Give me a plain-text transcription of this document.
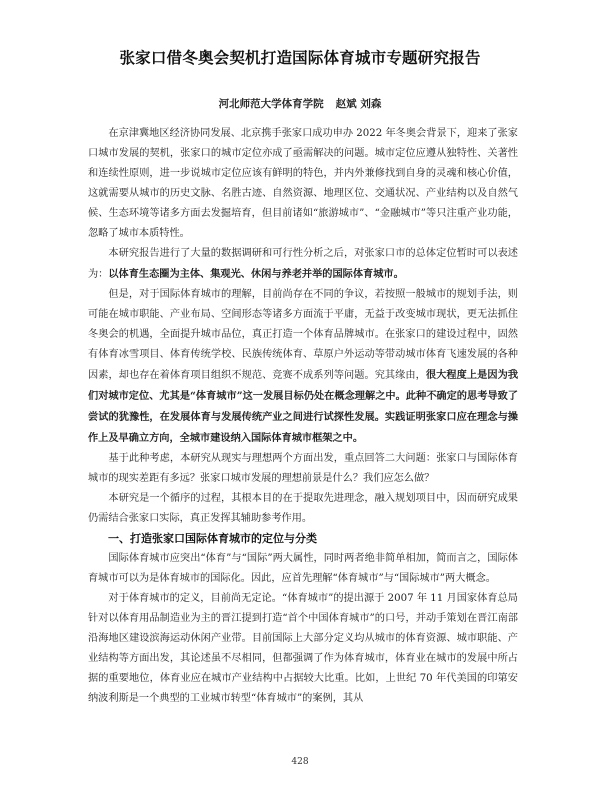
张家口借冬奥会契机打造国际体育城市专题研究报告
河北师范大学体育学院 赵斌 刘森

在京津冀地区经济协同发展、北京携手张家口成功申办 2022 年冬奥会背景下，迎来了张家口城市发展的契机，张家口的城市定位亦成了亟需解决的问题。城市定位应遵从独特性、关著性和连续性原则，进一步说城市定位应该有鲜明的特色，并内外兼修找到自身的灵魂和核心价值，这就需要从城市的历史文脉、名胜古迹、自然资源、地理区位、交通状况、产业结构以及自然气候、生态环境等诸多方面去发掘培育，但目前诸如“旅游城市”、“金融城市”等只注重产业功能，忽略了城市本质特性。

本研究报告进行了大量的数据调研和可行性分析之后，对张家口市的总体定位暂时可以表述为：以体育生态圈为主体、集观光、休闲与养老并举的国际体育城市。

但是，对于国际体育城市的理解，目前尚存在不同的争议，若按照一般城市的规划手法，则可能在城市职能、产业布局、空间形态等诸多方面流于平庸，无益于改变城市现状，更无法抓住冬奥会的机遇，全面提升城市品位，真正打造一个体育品牌城市。在张家口的建设过程中，固然有体育冰雪项目、体育传统学校、民族传统体育、草原户外运动等带动城市体育飞速发展的各种因素，却也存在着体育项目组织不规范、竞赛不成系列等问题。究其缘由，很大程度上是因为我们对城市定位、尤其是“体育城市”这一发展目标仍处在概念理解之中。此种不确定的思考导致了尝试的犹豫性，在发展体育与发展传统产业之间进行试探性发展。实践证明张家口应在理念与操作上及早确立方向，全城市建设纳入国际体育城市框架之中。

基于此种考虑，本研究从现实与理想两个方面出发，重点回答二大问题：张家口与国际体育城市的现实差距有多远？张家口城市发展的理想前景是什么？我们应怎么做？

本研究是一个循序的过程，其根本目的在于提取先进理念，融入规划项目中，因而研究成果仍需结合张家口实际，真正发挥其辅助参考作用。

一、打造张家口国际体育城市的定位与分类

国际体育城市应突出“体育”与“国际”两大属性，同时两者绝非简单相加，简而言之，国际体育城市可以为是体育城市的国际化。因此，应首先理解“体育城市”与“国际城市”两大概念。

对于体育城市的定义，目前尚无定论。“体育城市”的提出源于 2007 年 11 月国家体育总局针对以体育用品制造业为主的晋江提到打造“首个中国体育城市”的口号，并动手策划在晋江南部沿海地区建设滨海运动休闲产业带。目前国际上大部分定义均从城市的体育资源、城市职能、产业结构等方面出发，其论述虽不尽相同，但都强调了作为体育城市，体育业在城市的发展中所占据的重要地位，体育业应在城市产业结构中占据较大比重。比如，上世纪 70 年代美国的印第安纳波利斯是一个典型的工业城市转型“体育城市”的案例，其从

428
